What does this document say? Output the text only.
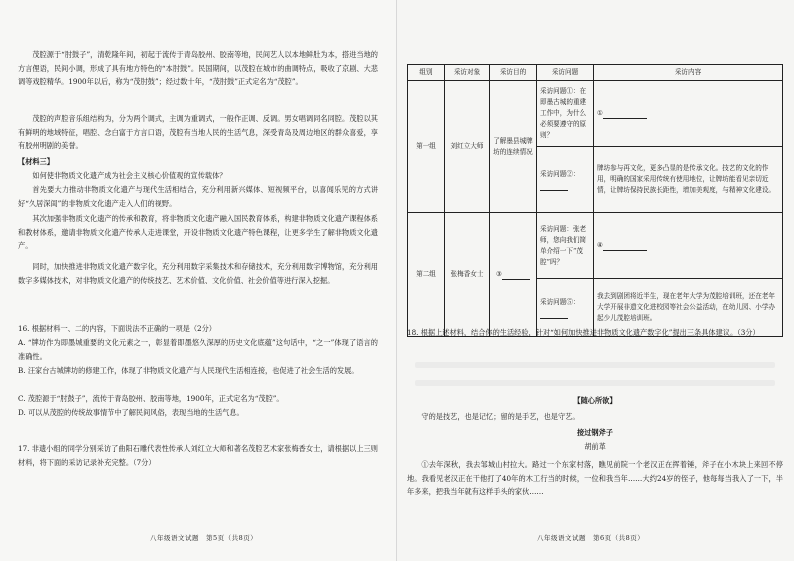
茂腔源于“肘鼓子”，清乾隆年间，初起于流传于青岛胶州、胶南等地，民间艺人以本地鲜肚为本，搭进当地的方言俚语，民间小调，形成了具有地方特色的“本肘鼓”。民国期间，以茂腔在城市的曲调特点，吸收了京剧、大悲调等戏腔精华。1900年以后，称为“茂肘鼓”；经过数十年，“茂肘鼓”正式定名为“茂腔”。

茂腔的声腔音乐组结构为，分为两个调式，主调为重调式，一般作正调、反调。男女唱调同名同腔。茂腔以其有鲜明的地域特征，唱腔、念白富于方言口语，茂腔有当地人民的生活气息，深受青岛及周边地区的群众喜爱，享有胶州明剧的美誉。

【材料三】

如何使非物质文化遗产成为社会主义核心价值观的宣传载体？

首先要大力推动非物质文化遗产与现代生活相结合，充分利用新兴媒体、短视频平台，以喜闻乐见的方式讲好“久居深闺”的非物质文化遗产走入人们的视野。

其次加强非物质文化遗产的传承和教育，将非物质文化遗产融入国民教育体系，构建非物质文化遗产课程体系和教材体系，邀请非物质文化遗产传承人走进课堂，开设非物质文化遗产特色课程，让更多学生了解非物质文化遗产。

同时，加快推进非物质文化遗产数字化，充分利用数字采集技术和存储技术，充分利用数字博物馆，充分利用数字多媒体技术，对非物质文化遗产的传统技艺、艺术价值、文化价值、社会价值等进行深入挖掘。

16. 根据材料一、二的内容，下面说法不正确的一项是（2分）

A. “牌坊作为即墨城重要的文化元素之一，彰显着即墨悠久深厚的历史文化底蕴”这句话中，“之一”体现了语言的准确性。

B. 汪家台古城牌坊的修建工作，体现了非物质文化遗产与人民现代生活相连接，也促进了社会生活的发展。

C. 茂腔源于“肘鼓子”，流传于青岛胶州、胶南等地，1900年，正式定名为“茂腔”。

D. 可以从茂腔的传统故事情节中了解民间风俗，表现当地的生活气息。

17. 非遗小组的同学分别采访了曲阳石雕代表性传承人刘红立大师和著名茂腔艺术家张梅香女士，请根据以上三则材料，将下面的采访记录补充完整。（7分）

八年级语文试题　第5页（共8页）
组别	采访对象	采访目的	采访问题	采访内容
第一组	刘红立大师	了解墨县城牌坊的连续情况	采访问题①：在即墨古城的重建工作中，为什么必须要遵守的原则？	①
			采访问题②：	牌坊参与再文化，更多凸显的是传承文化。技艺的文化的作用，明确的国家采用传统有使用地位，让牌坊能看见亲切近情，让牌坊保持民族长距性，增加美观度，与精神文化建设。
第二组	张梅香女士	③	采访问题：张老师，您向我们简单介绍一下“茂腔”吗？	④
			采访问题⑤：	我去到剧团将近半生，现在老年大学为茂腔培训班，还在老年大学开展非遗文化进校园等社会公益活动，在幼儿园、小学办起少儿茂腔培训班。

18. 根据上述材料，结合你的生活经验，针对“如何加快推进非物质文化遗产数字化”提出三条具体建议。（3分）

【随心所欲】

守的是技艺，也是记忆；留的是手艺，也是守艺。

接过钢斧子

胡前革

①去年深秋，我去邹城山村拉大。路过一个东家村落，瞧见前院一个老汉正在挥着锤，斧子在小木块上来回不停地。我看见老汉正在干他打了40年的木工行当的时候，一位和我当年……大约24岁的侄子，他每每当我入了一下，半年多来，把我当年就有这样手头的家伙……

八年级语文试题　第6页（共8页）
